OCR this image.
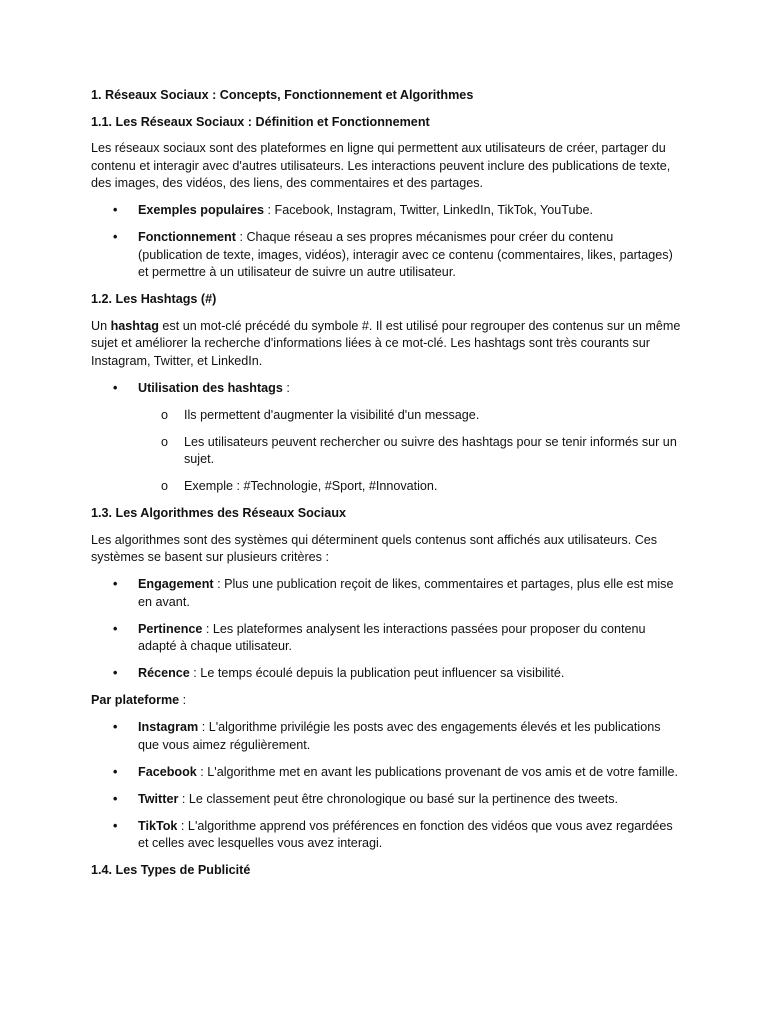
1. Réseaux Sociaux : Concepts, Fonctionnement et Algorithmes
1.1. Les Réseaux Sociaux : Définition et Fonctionnement

Les réseaux sociaux sont des plateformes en ligne qui permettent aux utilisateurs de créer, partager du contenu et interagir avec d'autres utilisateurs. Les interactions peuvent inclure des publications de texte, des images, des vidéos, des liens, des commentaires et des partages.

• Exemples populaires : Facebook, Instagram, Twitter, LinkedIn, TikTok, YouTube.
• Fonctionnement : Chaque réseau a ses propres mécanismes pour créer du contenu (publication de texte, images, vidéos), interagir avec ce contenu (commentaires, likes, partages) et permettre à un utilisateur de suivre un autre utilisateur.
1.2. Les Hashtags (#)

Un hashtag est un mot-clé précédé du symbole #. Il est utilisé pour regrouper des contenus sur un même sujet et améliorer la recherche d'informations liées à ce mot-clé. Les hashtags sont très courants sur Instagram, Twitter, et LinkedIn.

• Utilisation des hashtags :
o Ils permettent d'augmenter la visibilité d'un message.
o Les utilisateurs peuvent rechercher ou suivre des hashtags pour se tenir informés sur un sujet.
o Exemple : #Technologie, #Sport, #Innovation.
1.3. Les Algorithmes des Réseaux Sociaux

Les algorithmes sont des systèmes qui déterminent quels contenus sont affichés aux utilisateurs. Ces systèmes se basent sur plusieurs critères :

• Engagement : Plus une publication reçoit de likes, commentaires et partages, plus elle est mise en avant.
• Pertinence : Les plateformes analysent les interactions passées pour proposer du contenu adapté à chaque utilisateur.
• Récence : Le temps écoulé depuis la publication peut influencer sa visibilité.

Par plateforme :

• Instagram : L'algorithme privilégie les posts avec des engagements élevés et les publications que vous aimez régulièrement.
• Facebook : L'algorithme met en avant les publications provenant de vos amis et de votre famille.
• Twitter : Le classement peut être chronologique ou basé sur la pertinence des tweets.
• TikTok : L'algorithme apprend vos préférences en fonction des vidéos que vous avez regardées et celles avec lesquelles vous avez interagi.
1.4. Les Types de Publicité
